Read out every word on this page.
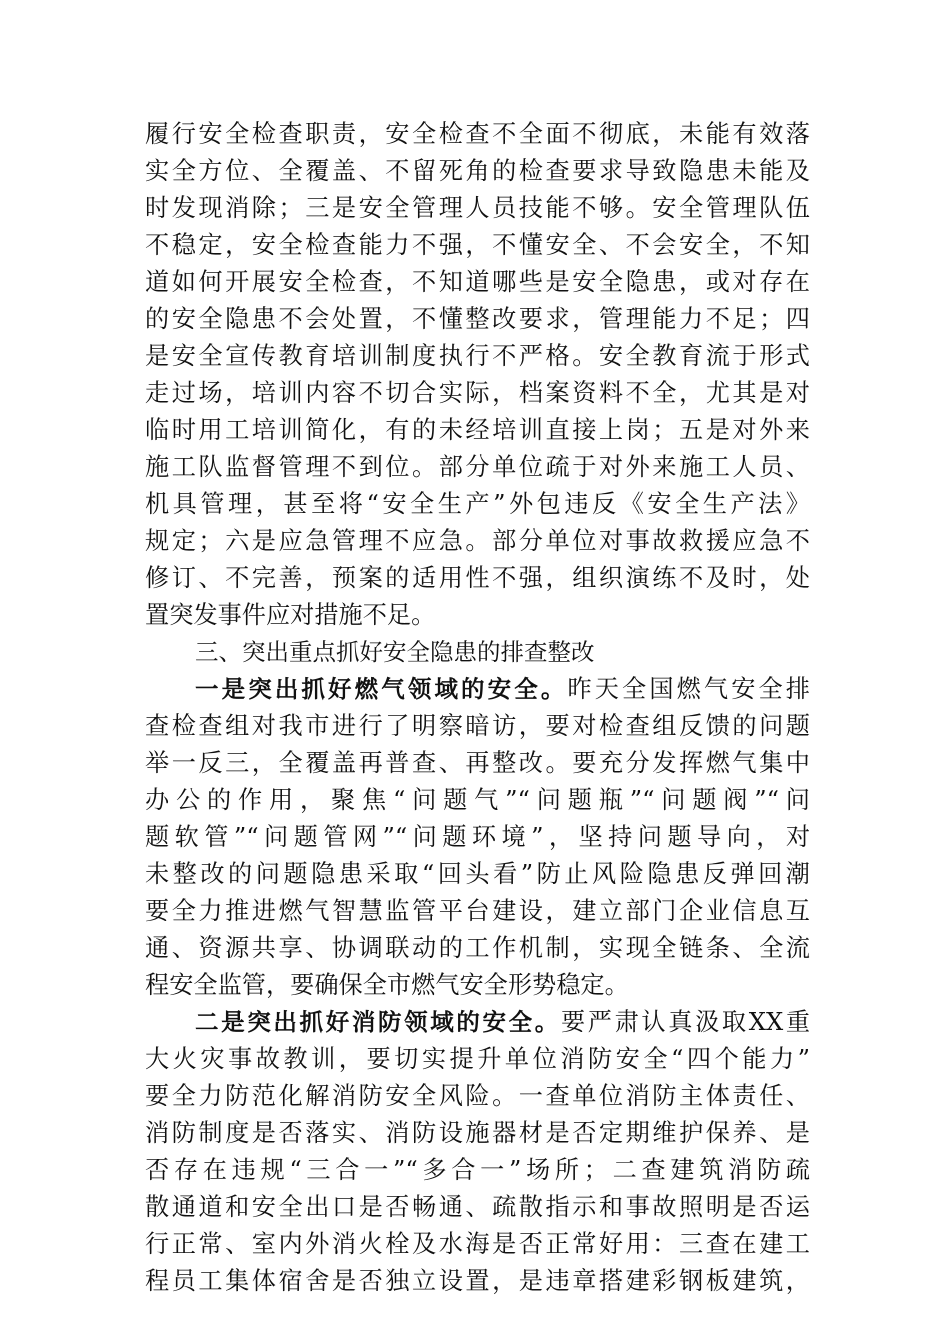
履行安全检查职责，安全检查不全面不彻底，未能有效落
实全方位、全覆盖、不留死角的检查要求导致隐患未能及
时发现消除；三是安全管理人员技能不够。安全管理队伍
不稳定，安全检查能力不强，不懂安全、不会安全，不知
道如何开展安全检查，不知道哪些是安全隐患，或对存在
的安全隐患不会处置，不懂整改要求，管理能力不足；四
是安全宣传教育培训制度执行不严格。安全教育流于形式
走过场，培训内容不切合实际，档案资料不全，尤其是对
临时用工培训简化，有的未经培训直接上岗；五是对外来
施工队监督管理不到位。部分单位疏于对外来施工人员、
机具管理，甚至将“安全生产”外包违反《安全生产法》
规定；六是应急管理不应急。部分单位对事故救援应急不
修订、不完善，预案的适用性不强，组织演练不及时，处
置突发事件应对措施不足。
三、突出重点抓好安全隐患的排查整改
一是突出抓好燃气领域的安全。昨天全国燃气安全排
查检查组对我市进行了明察暗访，要对检查组反馈的问题
举一反三，全覆盖再普查、再整改。要充分发挥燃气集中
办公的作用，聚焦“问题气”“问题瓶”“问题阀”“问
题软管”“问题管网”“问题环境”，坚持问题导向，对
未整改的问题隐患采取“回头看”防止风险隐患反弹回潮
要全力推进燃气智慧监管平台建设，建立部门企业信息互
通、资源共享、协调联动的工作机制，实现全链条、全流
程安全监管，要确保全市燃气安全形势稳定。
二是突出抓好消防领域的安全。要严肃认真汲取XX重
大火灾事故教训，要切实提升单位消防安全“四个能力”
要全力防范化解消防安全风险。一查单位消防主体责任、
消防制度是否落实、消防设施器材是否定期维护保养、是
否存在违规“三合一”“多合一”场所；二查建筑消防疏
散通道和安全出口是否畅通、疏散指示和事故照明是否运
行正常、室内外消火栓及水海是否正常好用：三查在建工
程员工集体宿舍是否独立设置，是违章搭建彩钢板建筑，
